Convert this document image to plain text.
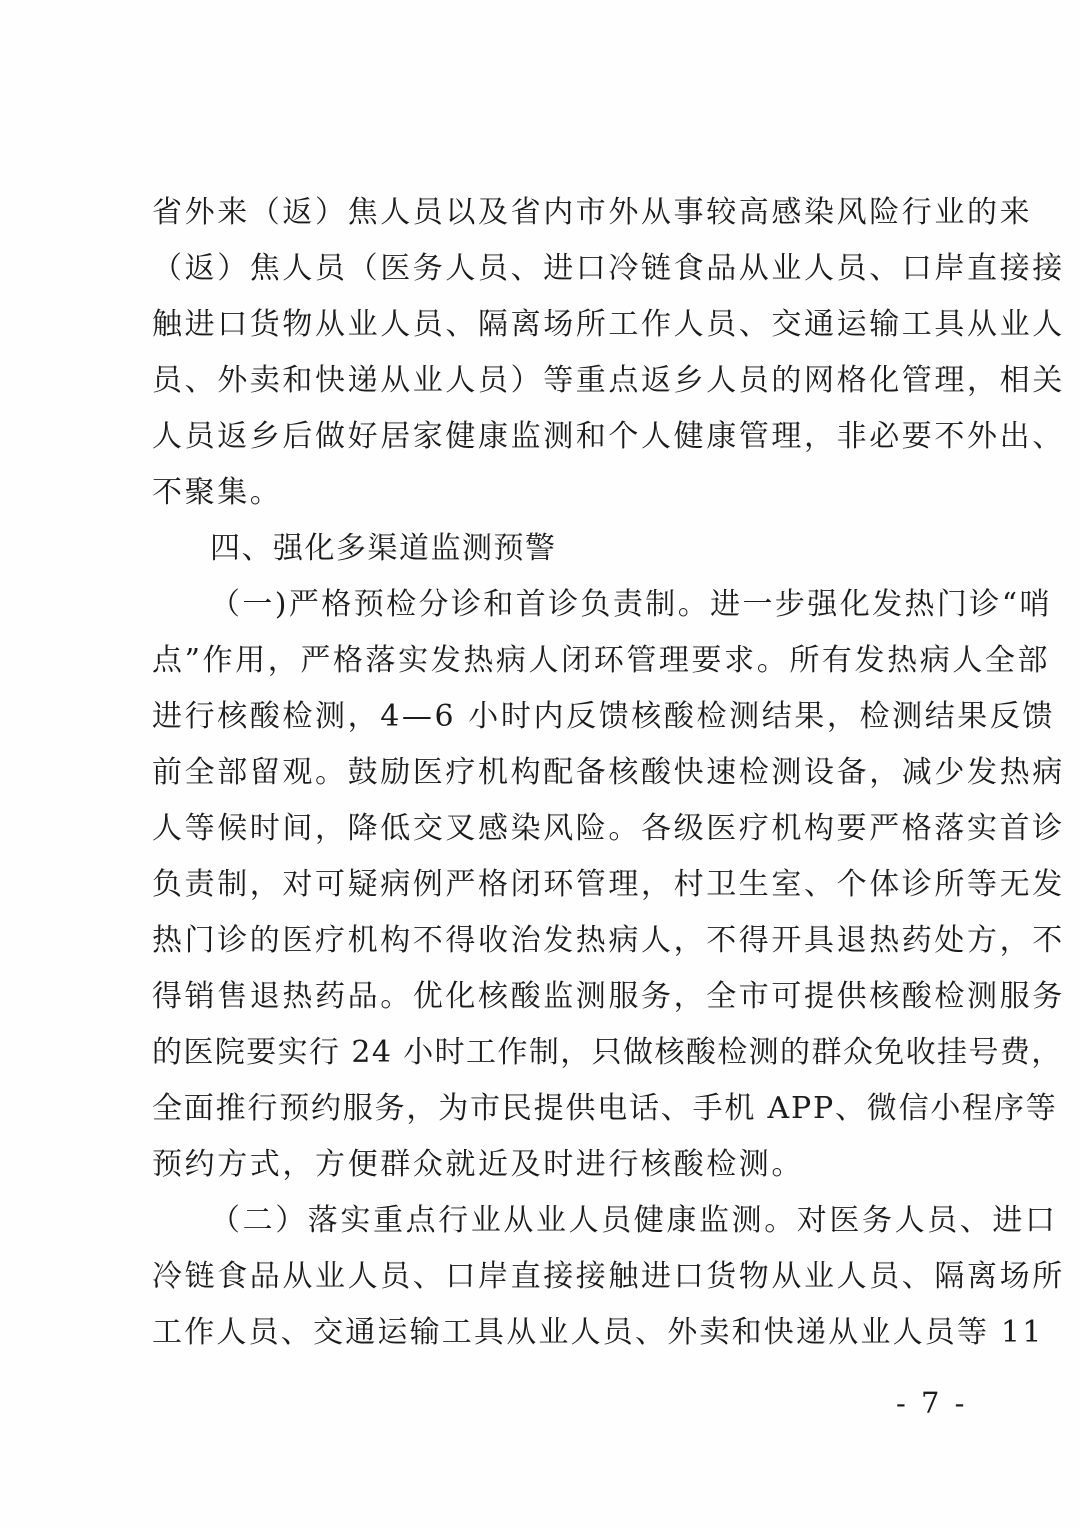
省外来（返）焦人员以及省内市外从事较高感染风险行业的来
（返）焦人员（医务人员、进口冷链食品从业人员、口岸直接接
触进口货物从业人员、隔离场所工作人员、交通运输工具从业人
员、外卖和快递从业人员）等重点返乡人员的网格化管理，相关
人员返乡后做好居家健康监测和个人健康管理，非必要不外出、
不聚集。
四、强化多渠道监测预警
（一)严格预检分诊和首诊负责制。进一步强化发热门诊“哨
点”作用，严格落实发热病人闭环管理要求。所有发热病人全部
进行核酸检测，4—6 小时内反馈核酸检测结果，检测结果反馈
前全部留观。鼓励医疗机构配备核酸快速检测设备，减少发热病
人等候时间，降低交叉感染风险。各级医疗机构要严格落实首诊
负责制，对可疑病例严格闭环管理，村卫生室、个体诊所等无发
热门诊的医疗机构不得收治发热病人，不得开具退热药处方，不
得销售退热药品。优化核酸监测服务，全市可提供核酸检测服务
的医院要实行 24 小时工作制，只做核酸检测的群众免收挂号费，
全面推行预约服务，为市民提供电话、手机 APP、微信小程序等
预约方式，方便群众就近及时进行核酸检测。
（二）落实重点行业从业人员健康监测。对医务人员、进口
冷链食品从业人员、口岸直接接触进口货物从业人员、隔离场所
工作人员、交通运输工具从业人员、外卖和快递从业人员等 11
- 7 -
